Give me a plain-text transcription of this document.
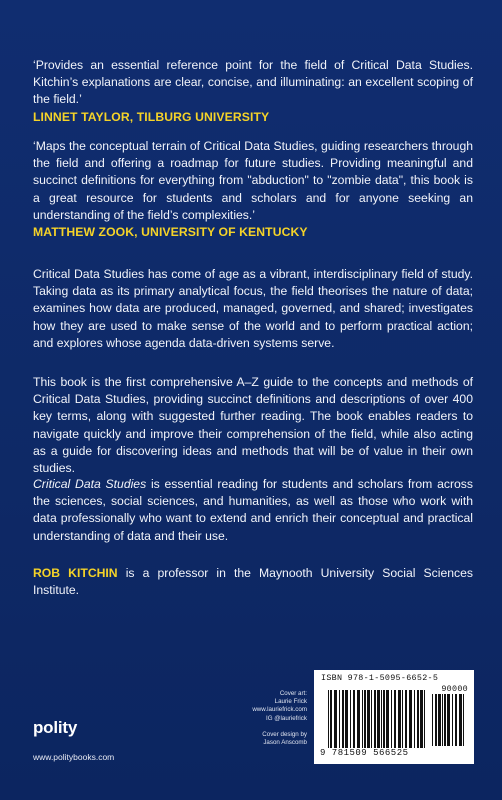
‘Provides an essential reference point for the field of Critical Data Studies. Kitchin’s explanations are clear, concise, and illuminating: an excellent scoping of the field.’

LINNET TAYLOR, TILBURG UNIVERSITY

‘Maps the conceptual terrain of Critical Data Studies, guiding researchers through the field and offering a roadmap for future studies. Providing meaningful and succinct definitions for everything from "abduction" to "zombie data", this book is a great resource for students and scholars and for anyone seeking an understanding of the field’s complexities.’

MATTHEW ZOOK, UNIVERSITY OF KENTUCKY

Critical Data Studies has come of age as a vibrant, interdisciplinary field of study. Taking data as its primary analytical focus, the field theorises the nature of data; examines how data are produced, managed, governed, and shared; investigates how they are used to make sense of the world and to perform practical action; and explores whose agenda data-driven systems serve.

This book is the first comprehensive A–Z guide to the concepts and methods of Critical Data Studies, providing succinct definitions and descriptions of over 400 key terms, along with suggested further reading. The book enables readers to navigate quickly and improve their comprehension of the field, while also acting as a guide for discovering ideas and methods that will be of value in their own studies.

Critical Data Studies is essential reading for students and scholars from across the sciences, social sciences, and humanities, as well as those who work with data professionally who want to extend and enrich their conceptual and practical understanding of data and their use.

ROB KITCHIN is a professor in the Maynooth University Social Sciences Institute.

Cover art:
Laurie Frick
www.lauriefrick.com
IG @lauriefrick
Cover design by
Jason Anscomb
polity
www.politybooks.com
ISBN 978-1-5095-6652-5
90000
9 781509 566525
